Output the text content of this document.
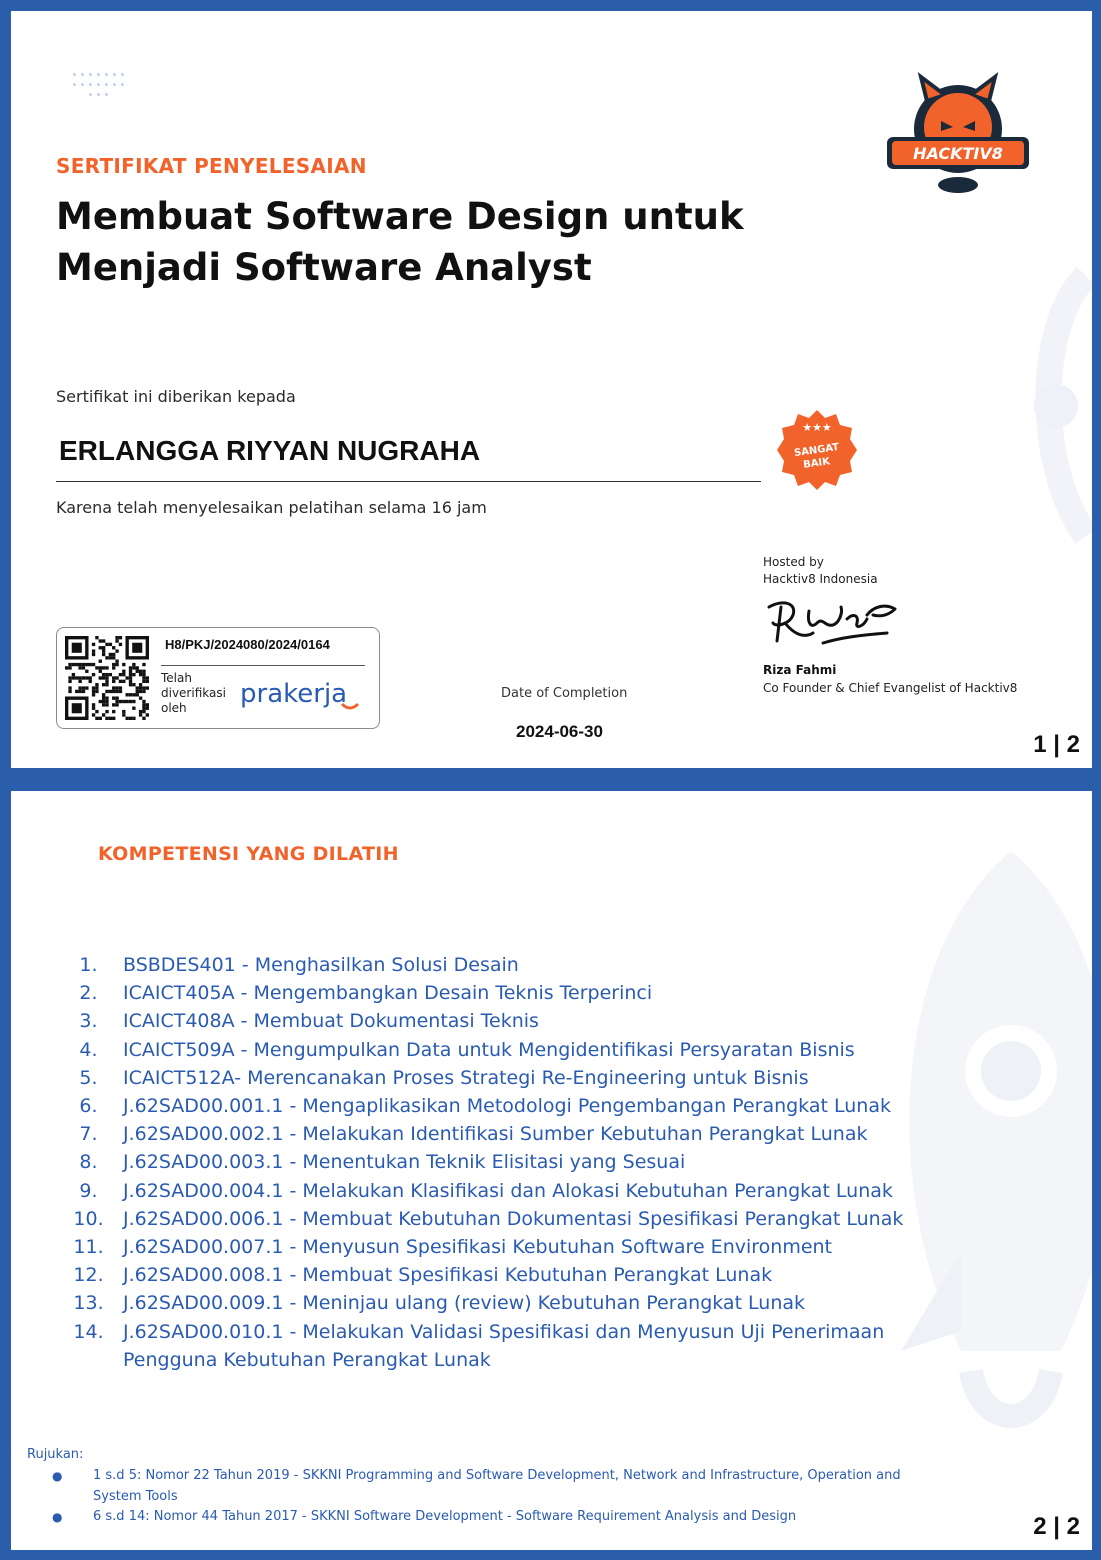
SERTIFIKAT PENYELESAIAN
Membuat Software Design untuk
Menjadi Software Analyst
HACKTIV8
Sertifikat ini diberikan kepada
ERLANGGA RIYYAN NUGRAHA
Karena telah menyelesaikan pelatihan selama 16 jam
★★★
SANGAT
BAIK
H8/PKJ/2024080/2024/0164
Telah
diverifikasi
oleh	prakerja	Date of Completion
2024-06-30
Hosted by
Hacktiv8 Indonesia
Riza Fahmi
Co Founder & Chief Evangelist of Hacktiv8
1 | 2
KOMPETENSI YANG DILATIH
1.	BSBDES401 - Menghasilkan Solusi Desain
2.	ICAICT405A - Mengembangkan Desain Teknis Terperinci
3.	ICAICT408A - Membuat Dokumentasi Teknis
4.	ICAICT509A - Mengumpulkan Data untuk Mengidentifikasi Persyaratan Bisnis
5.	ICAICT512A- Merencanakan Proses Strategi Re-Engineering untuk Bisnis
6.	J.62SAD00.001.1 - Mengaplikasikan Metodologi Pengembangan Perangkat Lunak
7.	J.62SAD00.002.1 - Melakukan Identifikasi Sumber Kebutuhan Perangkat Lunak
8.	J.62SAD00.003.1 - Menentukan Teknik Elisitasi yang Sesuai
9.	J.62SAD00.004.1 - Melakukan Klasifikasi dan Alokasi Kebutuhan Perangkat Lunak
10.	J.62SAD00.006.1 - Membuat Kebutuhan Dokumentasi Spesifikasi Perangkat Lunak
11.	J.62SAD00.007.1 - Menyusun Spesifikasi Kebutuhan Software Environment
12.	J.62SAD00.008.1 - Membuat Spesifikasi Kebutuhan Perangkat Lunak
13.	J.62SAD00.009.1 - Meninjau ulang (review) Kebutuhan Perangkat Lunak
14.	J.62SAD00.010.1 - Melakukan Validasi Spesifikasi dan Menyusun Uji Penerimaan Pengguna Kebutuhan Perangkat Lunak
Rujukan:
● 1 s.d 5: Nomor 22 Tahun 2019 - SKKNI Programming and Software Development, Network and Infrastructure, Operation and System Tools
● 6 s.d 14: Nomor 44 Tahun 2017 - SKKNI Software Development - Software Requirement Analysis and Design	2 | 2
